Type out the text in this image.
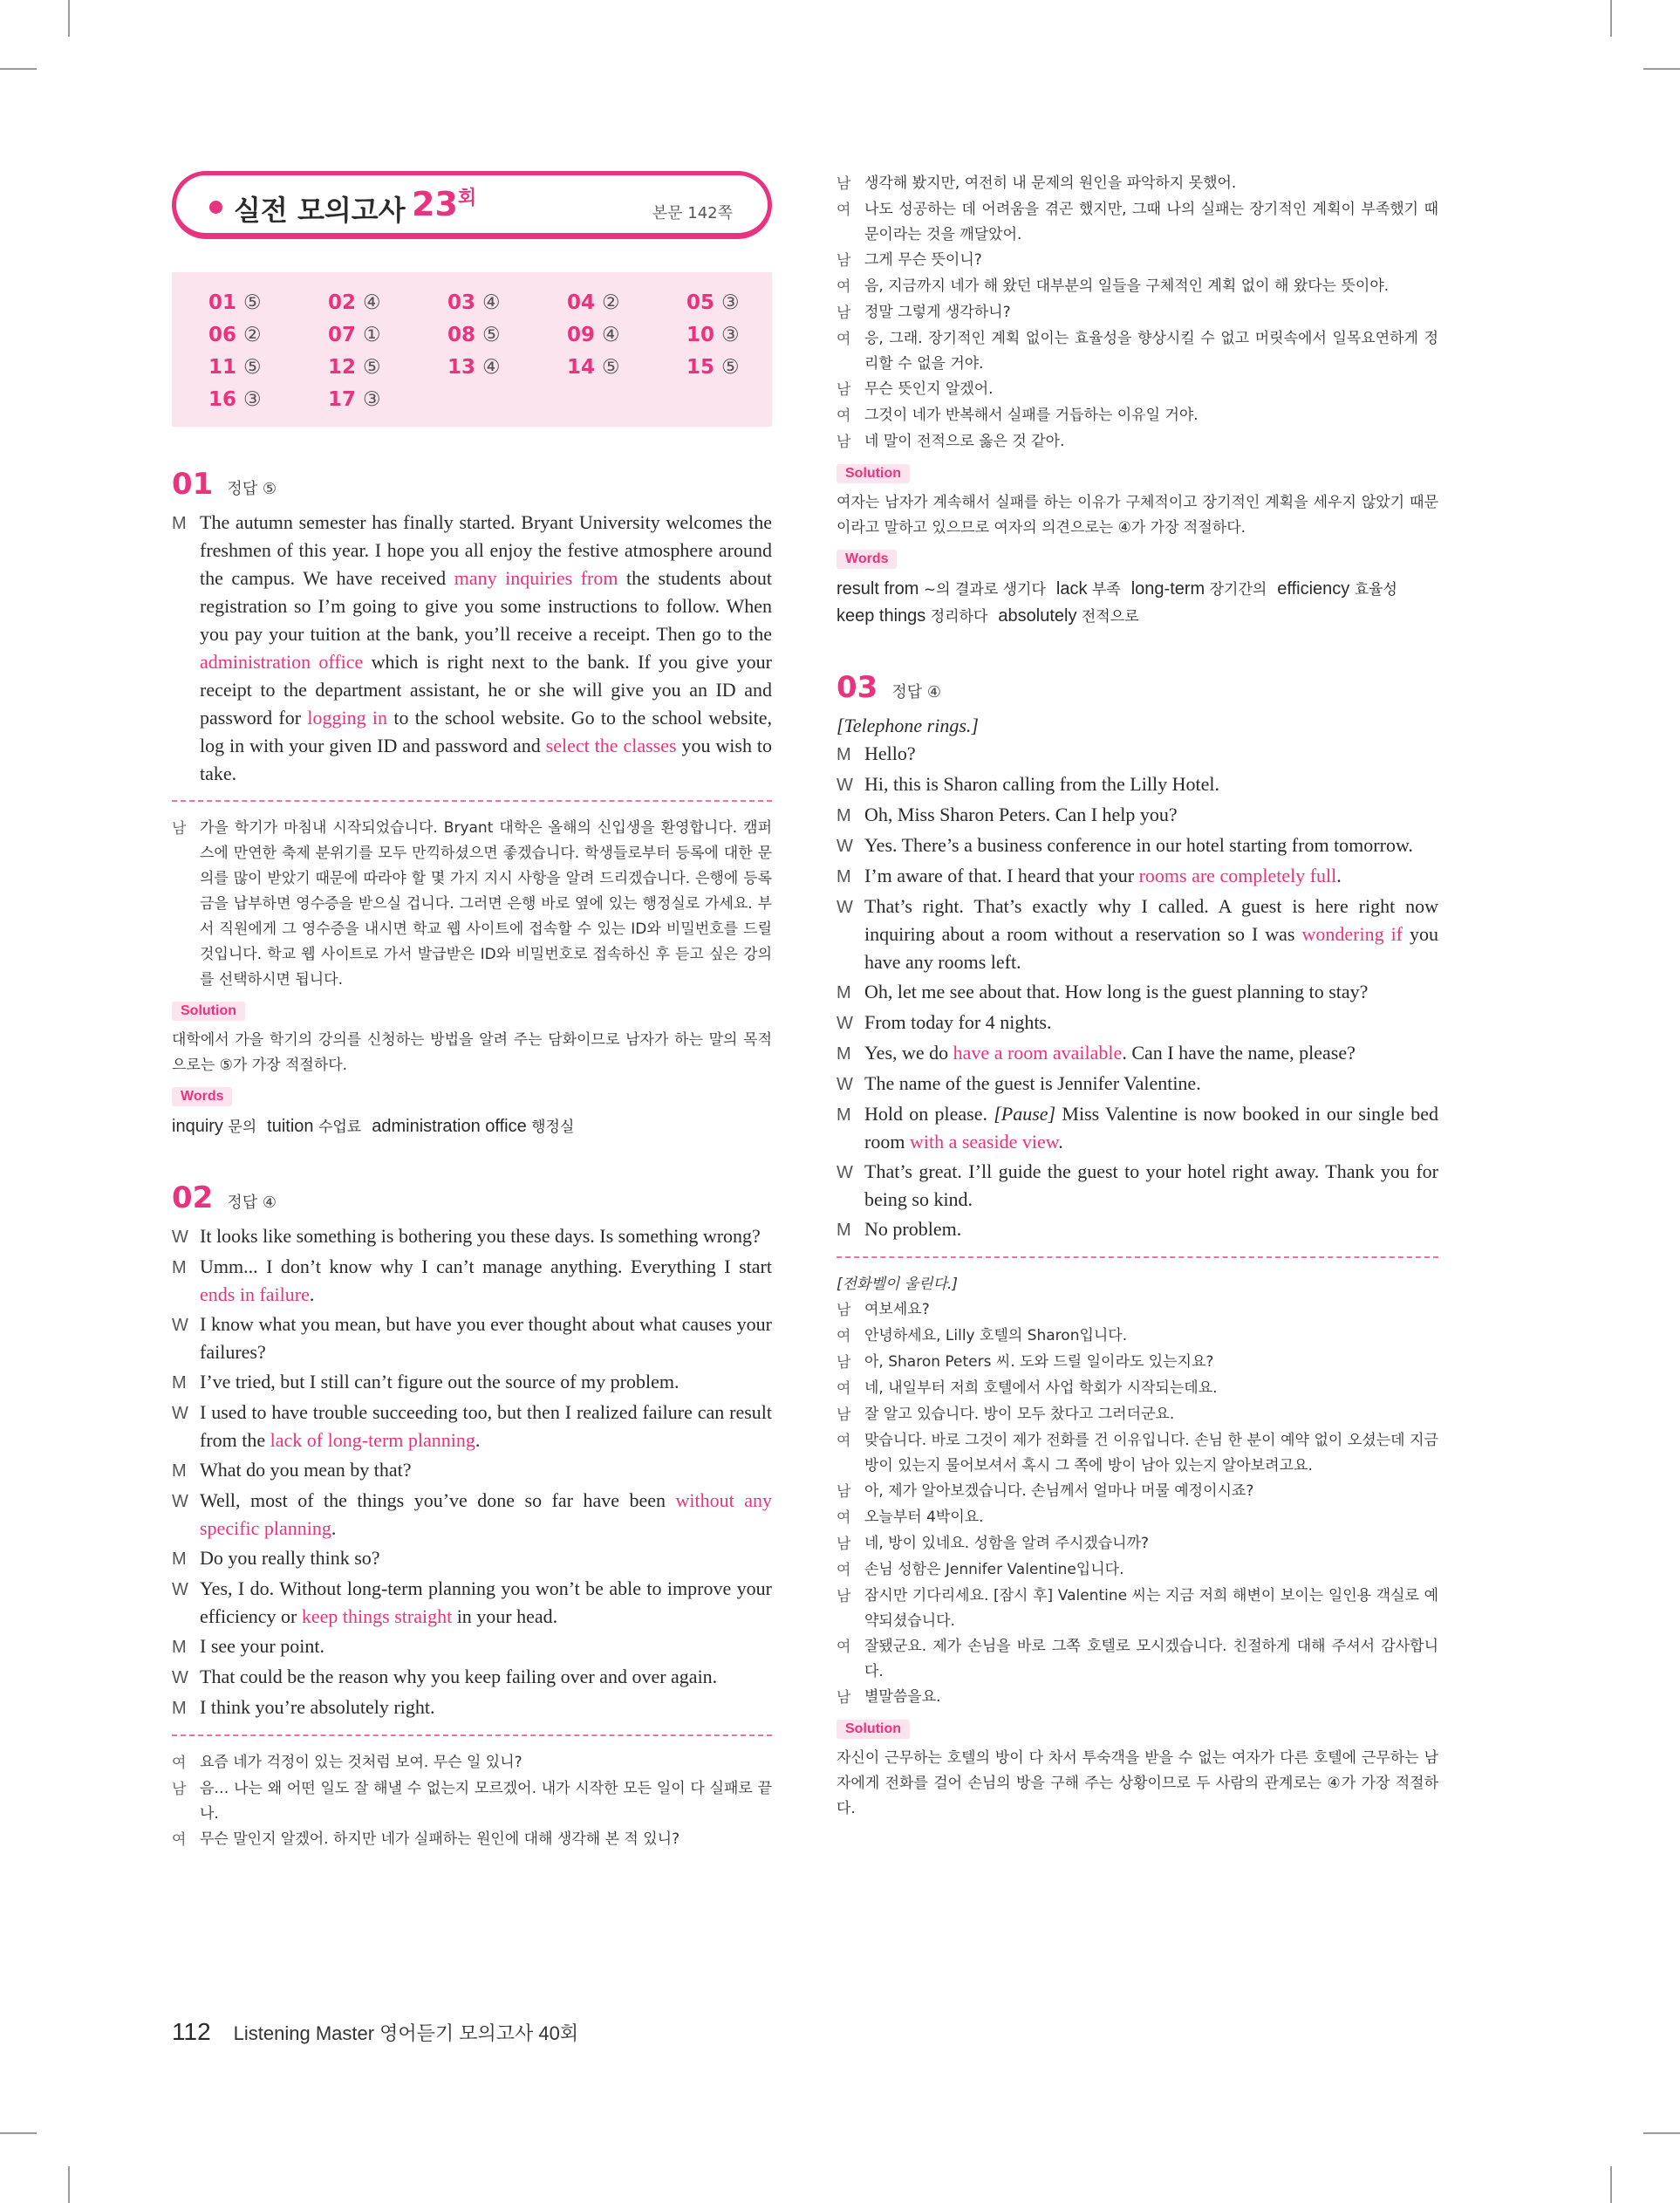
실전 모의고사 $23^회$
본문 142쪽
01 ⑤	02 ④	03 ④	04 ②	05 ③
06 ②	07 ①	08 ⑤	09 ④	10 ③
11 ⑤	12 ⑤	13 ④	14 ⑤	15 ⑤
16 ③	17 ③
01 정답 ⑤
M The autumn semester has finally started. Bryant University welcomes the freshmen of this year. I hope you all enjoy the festive atmosphere around the campus. We have received many inquiries from the students about registration so I’m going to give you some instructions to follow. When you pay your tuition at the bank, you’ll receive a receipt. Then go to the administration office which is right next to the bank. If you give your receipt to the department assistant, he or she will give you an ID and password for logging in to the school website. Go to the school website, log in with your given ID and password and select the classes you wish to take.
남 가을 학기가 마침내 시작되었습니다. Bryant 대학은 올해의 신입생을 환영합니다. 캠퍼스에 만연한 축제 분위기를 모두 만끽하셨으면 좋겠습니다. 학생들로부터 등록에 대한 문의를 많이 받았기 때문에 따라야 할 몇 가지 지시 사항을 알려 드리겠습니다. 은행에 등록금을 납부하면 영수증을 받으실 겁니다. 그러면 은행 바로 옆에 있는 행정실로 가세요. 부서 직원에게 그 영수증을 내시면 학교 웹 사이트에 접속할 수 있는 ID와 비밀번호를 드릴 것입니다. 학교 웹 사이트로 가서 발급받은 ID와 비밀번호로 접속하신 후 듣고 싶은 강의를 선택하시면 됩니다.

Solution

대학에서 가을 학기의 강의를 신청하는 방법을 알려 주는 담화이므로 남자가 하는 말의 목적으로는 ⑤가 가장 적절하다.

Words
inquiry 문의 tuition 수업료 administration office 행정실
02 정답 ④
W It looks like something is bothering you these days. Is something wrong?
M Umm... I don’t know why I can’t manage anything. Everything I start ends in failure.
W I know what you mean, but have you ever thought about what causes your failures?
M I’ve tried, but I still can’t figure out the source of my problem.
W I used to have trouble succeeding too, but then I realized failure can result from the lack of long-term planning.
M What do you mean by that?
W Well, most of the things you’ve done so far have been without any specific planning.
M Do you really think so?
W Yes, I do. Without long-term planning you won’t be able to improve your efficiency or keep things straight in your head.
M I see your point.
W That could be the reason why you keep failing over and over again.
M I think you’re absolutely right.
여 요즘 네가 걱정이 있는 것처럼 보여. 무슨 일 있니?

남 음… 나는 왜 어떤 일도 잘 해낼 수 없는지 모르겠어. 내가 시작한 모든 일이 다 실패로 끝나.

여 무슨 말인지 알겠어. 하지만 네가 실패하는 원인에 대해 생각해 본 적 있니?

남 생각해 봤지만, 여전히 내 문제의 원인을 파악하지 못했어.

여 나도 성공하는 데 어려움을 겪곤 했지만, 그때 나의 실패는 장기적인 계획이 부족했기 때문이라는 것을 깨달았어.

남 그게 무슨 뜻이니?

여 음, 지금까지 네가 해 왔던 대부분의 일들을 구체적인 계획 없이 해 왔다는 뜻이야.

남 정말 그렇게 생각하니?

여 응, 그래. 장기적인 계획 없이는 효율성을 향상시킬 수 없고 머릿속에서 일목요연하게 정리할 수 없을 거야.

남 무슨 뜻인지 알겠어.

여 그것이 네가 반복해서 실패를 거듭하는 이유일 거야.

남 네 말이 전적으로 옳은 것 같아.

Solution

여자는 남자가 계속해서 실패를 하는 이유가 구체적이고 장기적인 계획을 세우지 않았기 때문이라고 말하고 있으므로 여자의 의견으로는 ④가 가장 적절하다.

Words
result from ~의 결과로 생기다 lack 부족 long-term 장기간의 efficiency 효율성keep things 정리하다 absolutely 전적으로
03 정답 ④
[Telephone rings.]
M Hello?
W Hi, this is Sharon calling from the Lilly Hotel.
M Oh, Miss Sharon Peters. Can I help you?
W Yes. There’s a business conference in our hotel starting from tomorrow.
M I’m aware of that. I heard that your rooms are completely full.
W That’s right. That’s exactly why I called. A guest is here right now inquiring about a room without a reservation so I was wondering if you have any rooms left.
M Oh, let me see about that. How long is the guest planning to stay?
W From today for 4 nights.
M Yes, we do have a room available. Can I have the name, please?
W The name of the guest is Jennifer Valentine.
M Hold on please. [Pause] Miss Valentine is now booked in our single bed room with a seaside view.
W That’s great. I’ll guide the guest to your hotel right away. Thank you for being so kind.
M No problem.
[전화벨이 울린다.]
남 여보세요?

여 안녕하세요, Lilly 호텔의 Sharon입니다.

남 아, Sharon Peters 씨. 도와 드릴 일이라도 있는지요?

여 네, 내일부터 저희 호텔에서 사업 학회가 시작되는데요.

남 잘 알고 있습니다. 방이 모두 찼다고 그러더군요.

여 맞습니다. 바로 그것이 제가 전화를 건 이유입니다. 손님 한 분이 예약 없이 오셨는데 지금 방이 있는지 물어보셔서 혹시 그 쪽에 방이 남아 있는지 알아보려고요.

남 아, 제가 알아보겠습니다. 손님께서 얼마나 머물 예정이시죠?

여 오늘부터 4박이요.

남 네, 방이 있네요. 성함을 알려 주시겠습니까?

여 손님 성함은 Jennifer Valentine입니다.

남 잠시만 기다리세요. [잠시 후] Valentine 씨는 지금 저희 해변이 보이는 일인용 객실로 예약되셨습니다.

여 잘됐군요. 제가 손님을 바로 그쪽 호텔로 모시겠습니다. 친절하게 대해 주셔서 감사합니다.

남 별말씀을요.

Solution

자신이 근무하는 호텔의 방이 다 차서 투숙객을 받을 수 없는 여자가 다른 호텔에 근무하는 남자에게 전화를 걸어 손님의 방을 구해 주는 상황이므로 두 사람의 관계로는 ④가 가장 적절하다.

112 Listening Master 영어듣기 모의고사 40회
